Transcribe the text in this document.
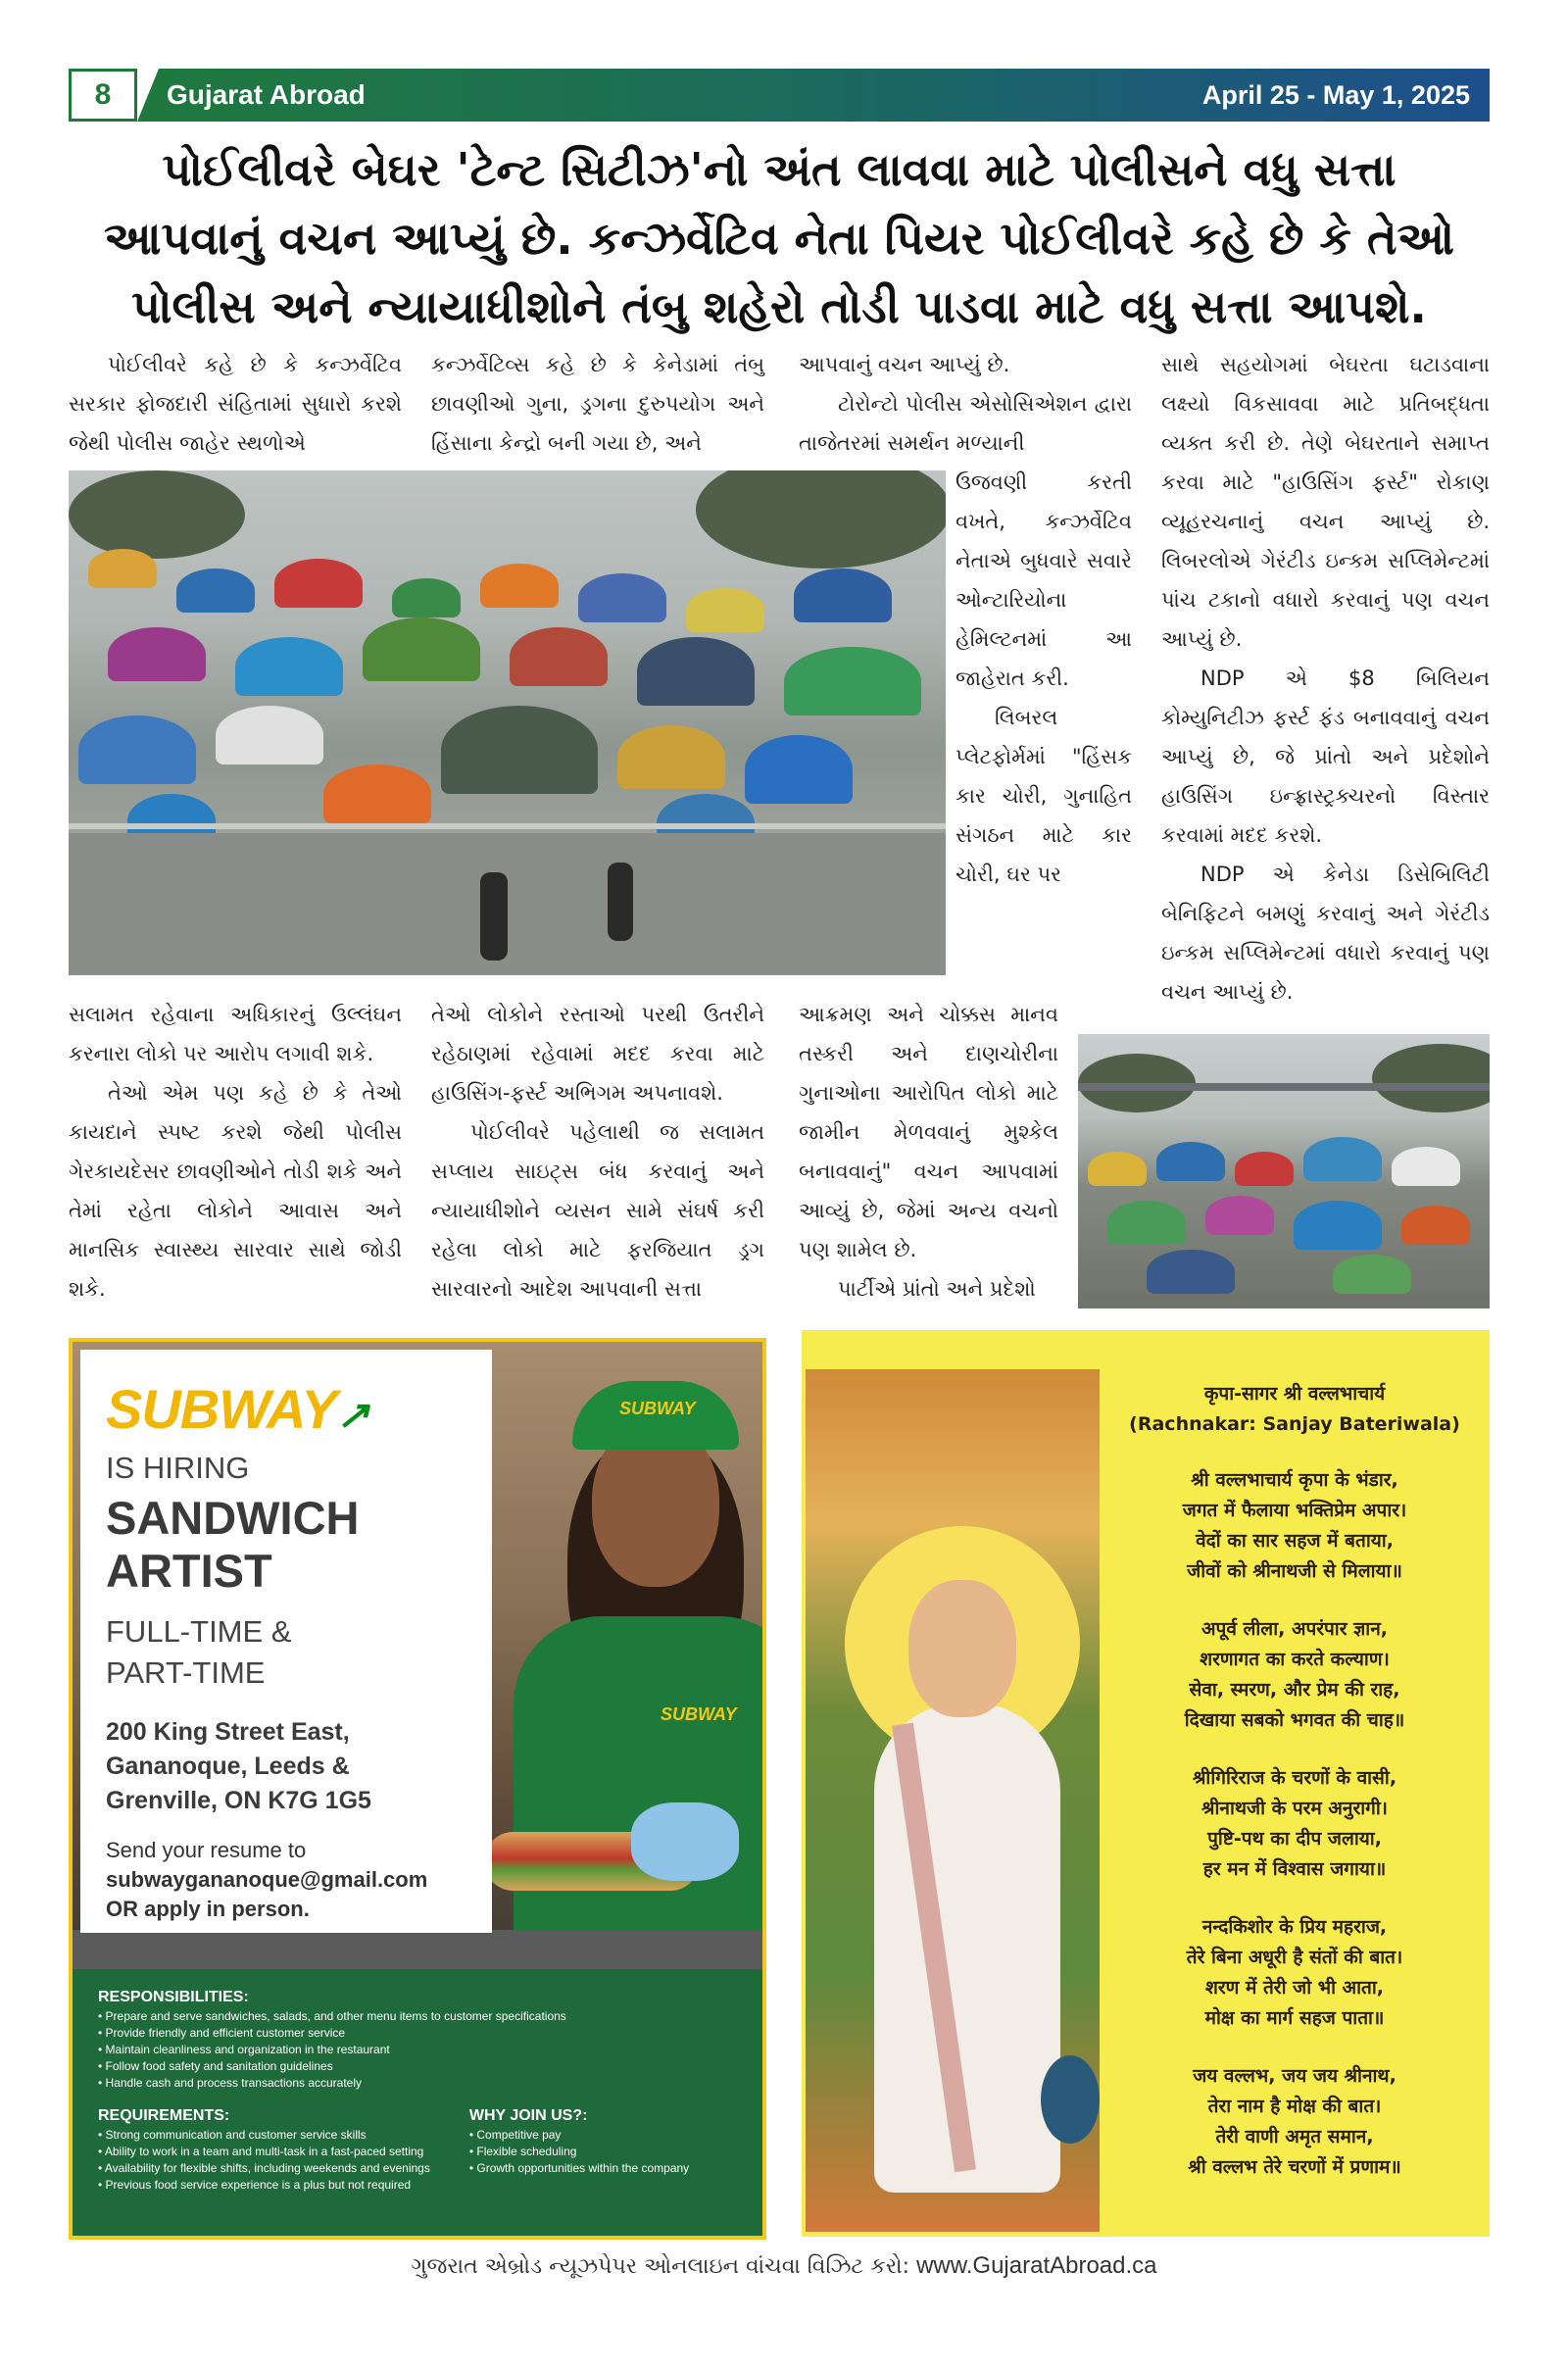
8	Gujarat Abroad	April 25 - May 1, 2025
પોઈલીવરે બેઘર 'ટેન્ટ સિટીઝ'નો અંત લાવવા માટે પોલીસને વધુ સત્તા
આપવાનું વચન આપ્યું છે. કન્ઝર્વેટિવ નેતા પિયર પોઈલીવરે કહે છે કે તેઓ
પોલીસ અને ન્યાયાધીશોને તંબુ શહેરો તોડી પાડવા માટે વધુ સત્તા આપશે.

પોઈલીવરે કહે છે કે કન્ઝર્વેટિવ સરકાર ફોજદારી સંહિતામાં સુધારો કરશે જેથી પોલીસ જાહેર સ્થળોએ

કન્ઝર્વેટિવ્સ કહે છે કે કેનેડામાં તંબુ છાવણીઓ ગુના, ડ્રગના દુરુપયોગ અને હિંસાના કેન્દ્રો બની ગયા છે, અને

આપવાનું વચન આપ્યું છે.

ટોરોન્ટો પોલીસ એસોસિએશન દ્વારા તાજેતરમાં સમર્થન મળ્યાની

ઉજવણી કરતી વખતે, કન્ઝર્વેટિવ નેતાએ બુધવારે સવારે ઓન્ટારિયોના હેમિલ્ટનમાં આ જાહેરાત કરી.

લિબરલ પ્લેટફોર્મમાં "હિંસક કાર ચોરી, ગુનાહિત સંગઠન માટે કાર ચોરી, ઘર પર

સાથે સહયોગમાં બેઘરતા ઘટાડવાના લક્ષ્યો વિકસાવવા માટે પ્રતિબદ્ધતા વ્યક્ત કરી છે. તેણે બેઘરતાને સમાપ્ત કરવા માટે "હાઉસિંગ ફર્સ્ટ" રોકાણ વ્યૂહરચનાનું વચન આપ્યું છે. લિબરલોએ ગેરંટીડ ઇન્કમ સપ્લિમેન્ટમાં પાંચ ટકાનો વધારો કરવાનું પણ વચન આપ્યું છે.

NDP એ $8 બિલિયન કોમ્યુનિટીઝ ફર્સ્ટ ફંડ બનાવવાનું વચન આપ્યું છે, જે પ્રાંતો અને પ્રદેશોને હાઉસિંગ ઇન્ફ્રાસ્ટ્રક્ચરનો વિસ્તાર કરવામાં મદદ કરશે.

NDP એ કેનેડા ડિસેબિલિટી બેનિફિટને બમણું કરવાનું અને ગેરંટીડ ઇન્કમ સપ્લિમેન્ટમાં વધારો કરવાનું પણ વચન આપ્યું છે.

સલામત રહેવાના અધિકારનું ઉલ્લંઘન કરનારા લોકો પર આરોપ લગાવી શકે.

તેઓ એમ પણ કહે છે કે તેઓ કાયદાને સ્પષ્ટ કરશે જેથી પોલીસ ગેરકાયદેસર છાવણીઓને તોડી શકે અને તેમાં રહેતા લોકોને આવાસ અને માનસિક સ્વાસ્થ્ય સારવાર સાથે જોડી શકે.

તેઓ લોકોને રસ્તાઓ પરથી ઉતરીને રહેઠાણમાં રહેવામાં મદદ કરવા માટે હાઉસિંગ-ફર્સ્ટ અભિગમ અપનાવશે.

પોઈલીવરે પહેલાથી જ સલામત સપ્લાય સાઇટ્સ બંધ કરવાનું અને ન્યાયાધીશોને વ્યસન સામે સંઘર્ષ કરી રહેલા લોકો માટે ફરજિયાત ડ્રગ સારવારનો આદેશ આપવાની સત્તા

આક્રમણ અને ચોક્કસ માનવ તસ્કરી અને દાણચોરીના ગુનાઓના આરોપિત લોકો માટે જામીન મેળવવાનું મુશ્કેલ બનાવવાનું" વચન આપવામાં આવ્યું છે, જેમાં અન્ય વચનો પણ શામેલ છે.

પાર્ટીએ પ્રાંતો અને પ્રદેશો

SUBWAY
SUBWAY
SUBWAY↗
IS HIRING
SANDWICH
ARTIST
FULL-TIME &
PART-TIME
200 King Street East,
Gananoque, Leeds &
Grenville, ON K7G 1G5
Send your resume to
subwaygananoque@gmail.com
OR apply in person.
RESPONSIBILITIES:
• Prepare and serve sandwiches, salads, and other menu items to customer specifications
• Provide friendly and efficient customer service
• Maintain cleanliness and organization in the restaurant
• Follow food safety and sanitation guidelines
• Handle cash and process transactions accurately
REQUIREMENTS:
• Strong communication and customer service skills
• Ability to work in a team and multi-task in a fast-paced setting
• Availability for flexible shifts, including weekends and evenings
• Previous food service experience is a plus but not required
WHY JOIN US?:
• Competitive pay
• Flexible scheduling
• Growth opportunities within the company
कृपा-सागर श्री वल्लभाचार्य
(Rachnakar: Sanjay Bateriwala)
श्री वल्लभाचार्य कृपा के भंडार,
जगत में फैलाया भक्तिप्रेम अपार।
वेदों का सार सहज में बताया,
जीवों को श्रीनाथजी से मिलाया॥
अपूर्व लीला, अपरंपार ज्ञान,
शरणागत का करते कल्याण।
सेवा, स्मरण, और प्रेम की राह,
दिखाया सबको भगवत की चाह॥
श्रीगिरिराज के चरणों के वासी,
श्रीनाथजी के परम अनुरागी।
पुष्टि-पथ का दीप जलाया,
हर मन में विश्वास जगाया॥
नन्दकिशोर के प्रिय महराज,
तेरे बिना अधूरी है संतों की बात।
शरण में तेरी जो भी आता,
मोक्ष का मार्ग सहज पाता॥
जय वल्लभ, जय जय श्रीनाथ,
तेरा नाम है मोक्ष की बात।
तेरी वाणी अमृत समान,
श्री वल्लभ तेरे चरणों में प्रणाम॥
ગુજરાત એબ્રોડ ન્યૂઝપેપર ઓનલાઇન વાંચવા વિઝિટ કરો: www.GujaratAbroad.ca
